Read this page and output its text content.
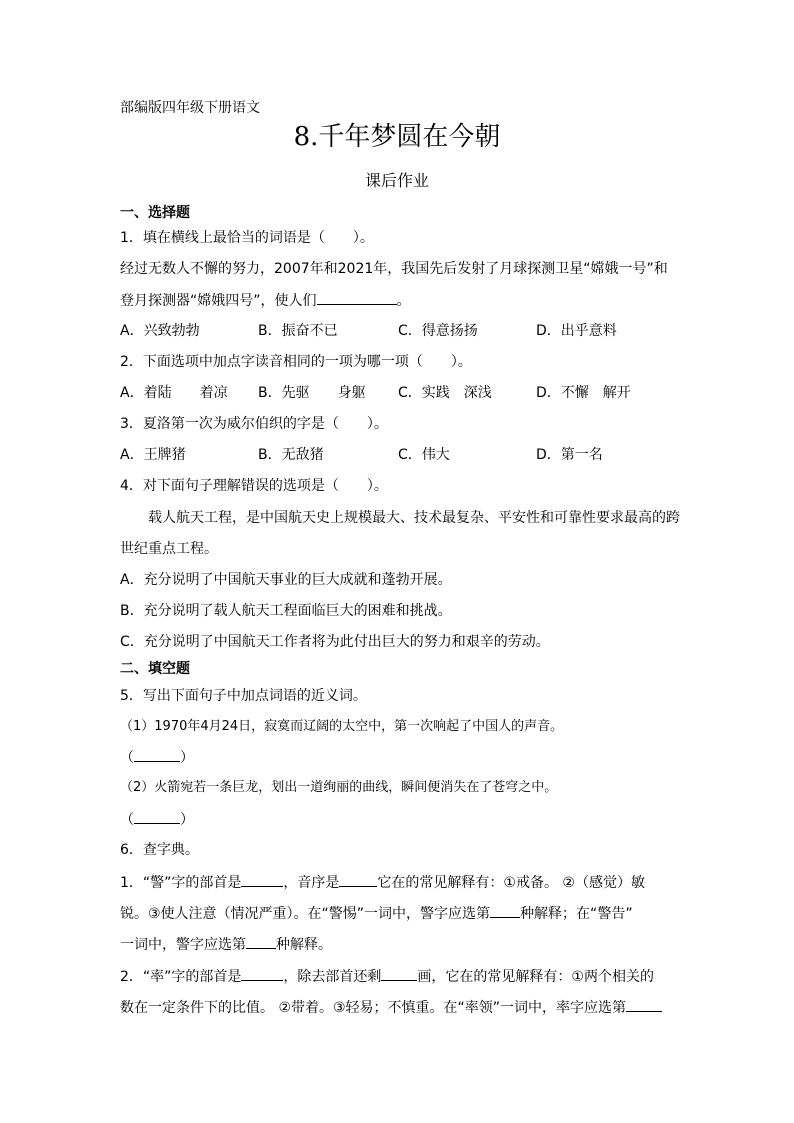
部编版四年级下册语文
8.千年梦圆在今朝
课后作业
一、选择题
1．填在横线上最恰当的词语是（　　）。
经过无数人不懈的努力，2007年和2021年，我国先后发射了月球探测卫星“嫦娥一号”和
登月探测器“嫦娥四号”，使人们	。
A．兴致勃勃	B．振奋不已	C．得意扬扬	D．出乎意料
2．下面选项中加点字读音相同的一项为哪一项（　　）。
A．着陆　　着凉 B．先驱　　身躯 C．实践　深浅	D．不懈　解开
3．夏洛第一次为威尔伯织的字是（　　）。
A．王牌猪	B．无敌猪	C．伟大	D．第一名
4．对下面句子理解错误的选项是（　　）。
载人航天工程，是中国航天史上规模最大、技术最复杂、平安性和可靠性要求最高的跨
世纪重点工程。
A．充分说明了中国航天事业的巨大成就和蓬勃开展。
B．充分说明了载人航天工程面临巨大的困难和挑战。
C．充分说明了中国航天工作者将为此付出巨大的努力和艰辛的劳动。
二、填空题
5．写出下面句子中加点词语的近义词。
（1）1970年4月24日，寂寞而辽阔的太空中，第一次响起了中国人的声音。
（	）
（2）火箭宛若一条巨龙，划出一道绚丽的曲线，瞬间便消失在了苍穹之中。
（	）
6．查字典。
1．“警”字的部首是	，音序是	它在的常见解释有：①戒备。 ②（感觉）敏
锐。③使人注意（情况严重）。在“警惕”一词中，警字应选第 种解释；在“警告”
一词中，警字应选第 种解释。
2．“率”字的部首是	，除去部首还剩	画，它在的常见解释有：①两个相关的
数在一定条件下的比值。 ②带着。③轻易；不慎重。在“率领”一词中，率字应选第
